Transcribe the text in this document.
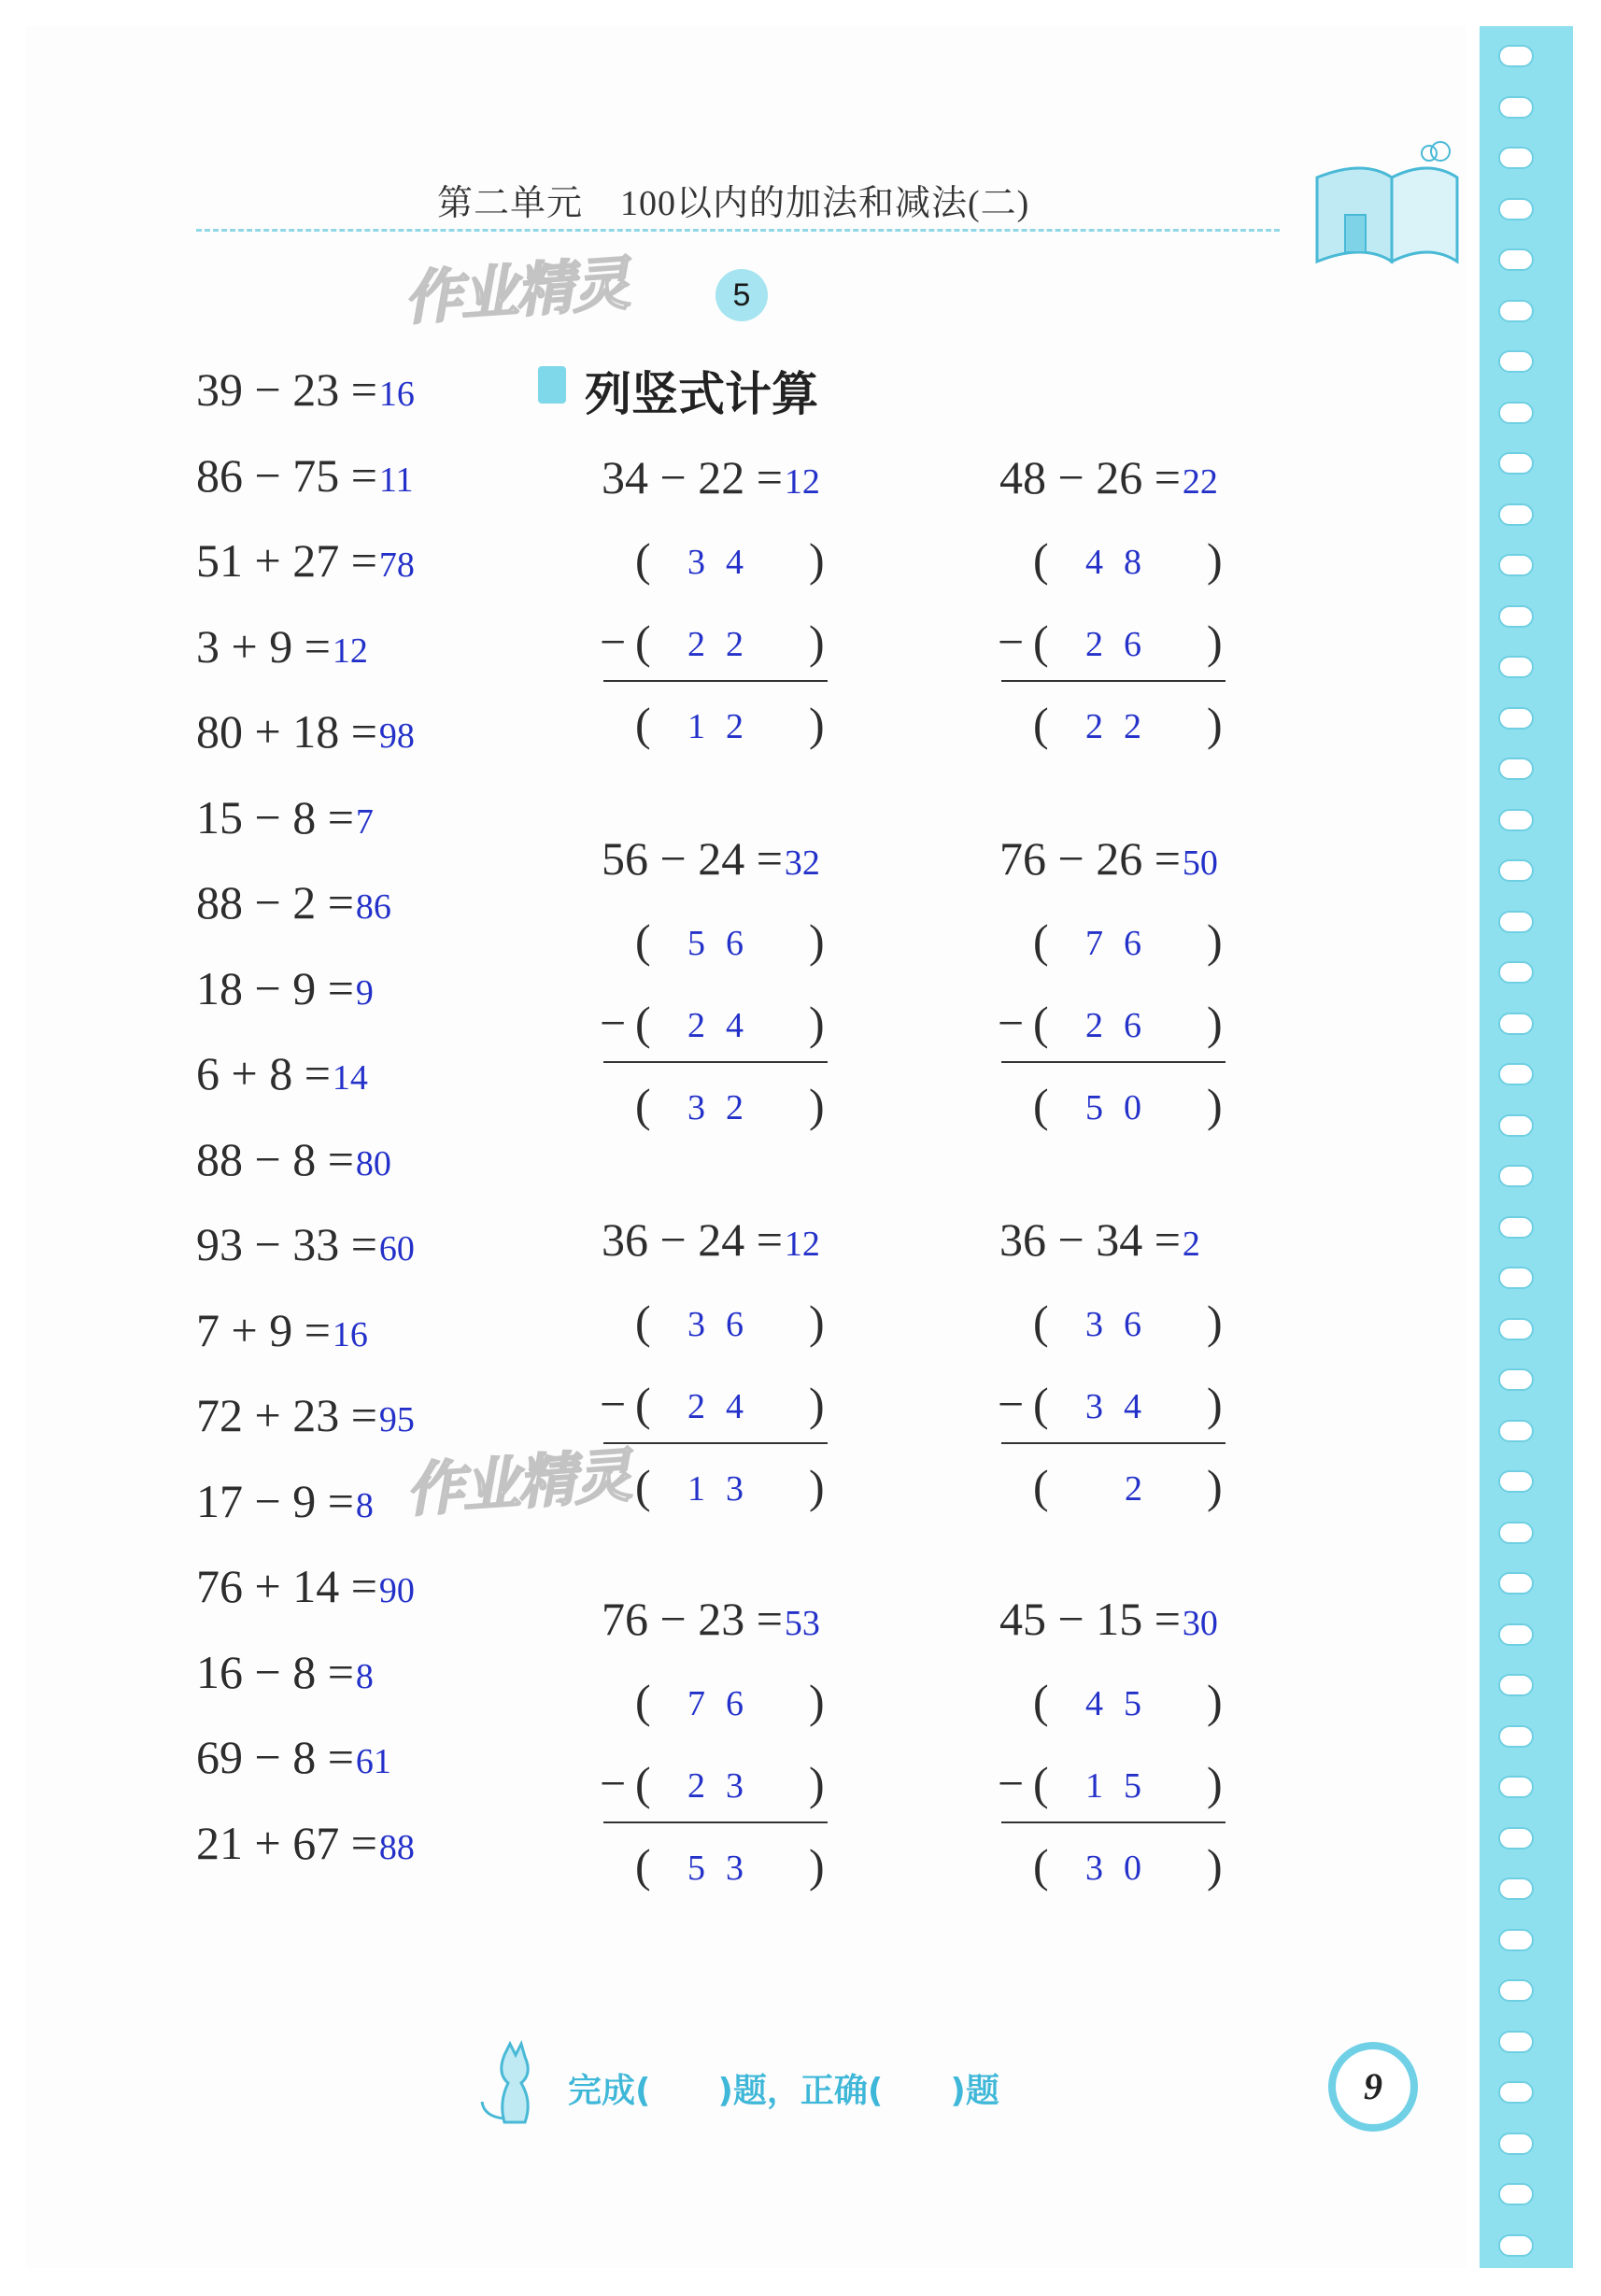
第二单元 100以内的加法和减法(二)
作业精灵
作业精灵
5
列竖式计算
39 − 23 =16
86 − 75 =11
51 + 27 =78
3 + 9 =12
80 + 18 =98
15 − 8 =7
88 − 2 =86
18 − 9 =9
6 + 8 =14
88 − 8 =80
93 − 33 =60
7 + 9 =16
72 + 23 =95
17 − 9 =8
76 + 14 =90
16 − 8 =8
69 − 8 =61
21 + 67 =88
34 − 22 =12
( 34 )
− ( 22 )
( 12 )
48 − 26 =22
( 48 )
− ( 26 )
( 22 )
56 − 24 =32
( 56 )
− ( 24 )
( 32 )
76 − 26 =50
( 76 )
− ( 26 )
( 50 )
36 − 24 =12
( 36 )
− ( 24 )
( 13 )
36 − 34 =2
( 36 )
− ( 34 )
( 2 )
76 − 23 =53
( 76 )
− ( 23 )
( 53 )
45 − 15 =30
( 45 )
− ( 15 )
( 30 )
完成(　　)题，正确(　　)题	9
